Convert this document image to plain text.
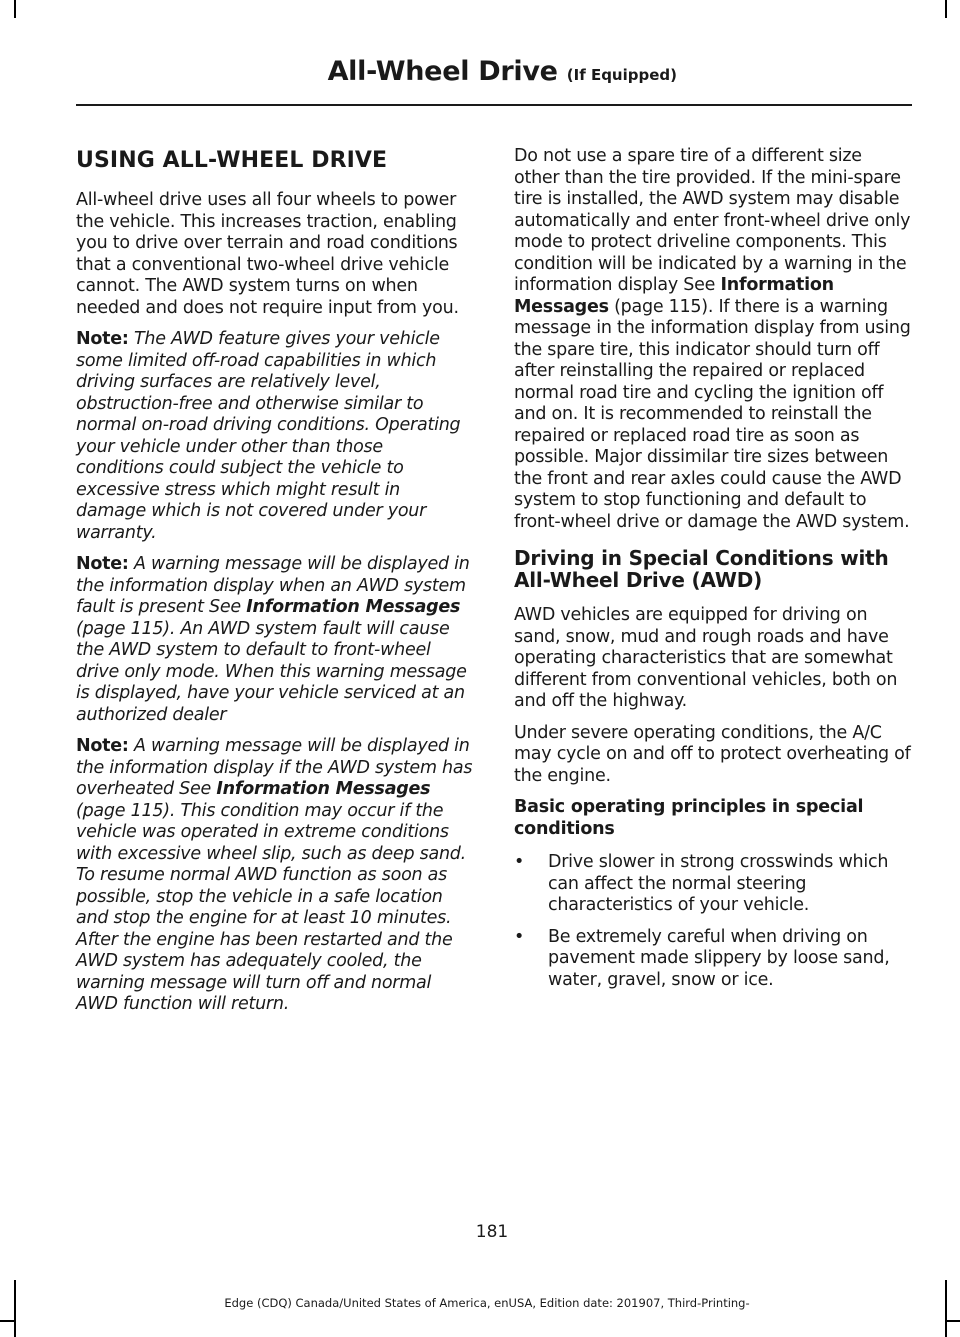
All-Wheel Drive (If Equipped)
USING ALL-WHEEL DRIVE

All-wheel drive uses all four wheels to power the vehicle. This increases traction, enabling you to drive over terrain and road conditions that a conventional two-wheel drive vehicle cannot. The AWD system turns on when needed and does not require input from you.

Note: The AWD feature gives your vehicle some limited off-road capabilities in which driving surfaces are relatively level, obstruction-free and otherwise similar to normal on-road driving conditions. Operating your vehicle under other than those conditions could subject the vehicle to excessive stress which might result in damage which is not covered under your warranty.

Note: A warning message will be displayed in the information display when an AWD system fault is present See Information Messages (page 115). An AWD system fault will cause the AWD system to default to front-wheel drive only mode. When this warning message is displayed, have your vehicle serviced at an authorized dealer

Note: A warning message will be displayed in the information display if the AWD system has overheated See Information Messages (page 115). This condition may occur if the vehicle was operated in extreme conditions with excessive wheel slip, such as deep sand. To resume normal AWD function as soon as possible, stop the vehicle in a safe location and stop the engine for at least 10 minutes. After the engine has been restarted and the AWD system has adequately cooled, the warning message will turn off and normal AWD function will return.

Do not use a spare tire of a different size other than the tire provided. If the mini-spare tire is installed, the AWD system may disable automatically and enter front-wheel drive only mode to protect driveline components. This condition will be indicated by a warning in the information display See Information Messages (page 115). If there is a warning message in the information display from using the spare tire, this indicator should turn off after reinstalling the repaired or replaced normal road tire and cycling the ignition off and on. It is recommended to reinstall the repaired or replaced road tire as soon as possible. Major dissimilar tire sizes between the front and rear axles could cause the AWD system to stop functioning and default to front-wheel drive or damage the AWD system.

Driving in Special Conditions with All-Wheel Drive (AWD)

AWD vehicles are equipped for driving on sand, snow, mud and rough roads and have operating characteristics that are somewhat different from conventional vehicles, both on and off the highway.

Under severe operating conditions, the A/C may cycle on and off to protect overheating of the engine.

Basic operating principles in special conditions
• Drive slower in strong crosswinds which can affect the normal steering characteristics of your vehicle.
• Be extremely careful when driving on pavement made slippery by loose sand, water, gravel, snow or ice.
181
Edge (CDQ) Canada/United States of America, enUSA, Edition date: 201907, Third-Printing-
